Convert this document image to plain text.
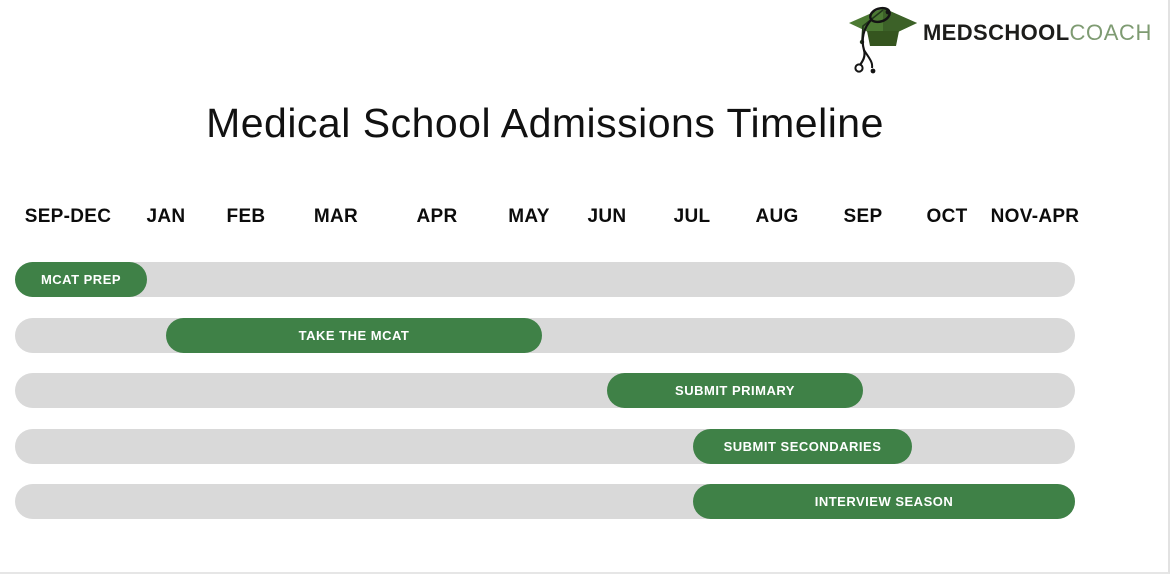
MEDSCHOOL COACH
Medical School Admissions Timeline
SEP-DEC JAN FEB	MAR	APR	MAY JUN JUL AUG SEP OCT NOV-APR
MCAT PREP
TAKE THE MCAT
SUBMIT PRIMARY
SUBMIT SECONDARIES
INTERVIEW SEASON
